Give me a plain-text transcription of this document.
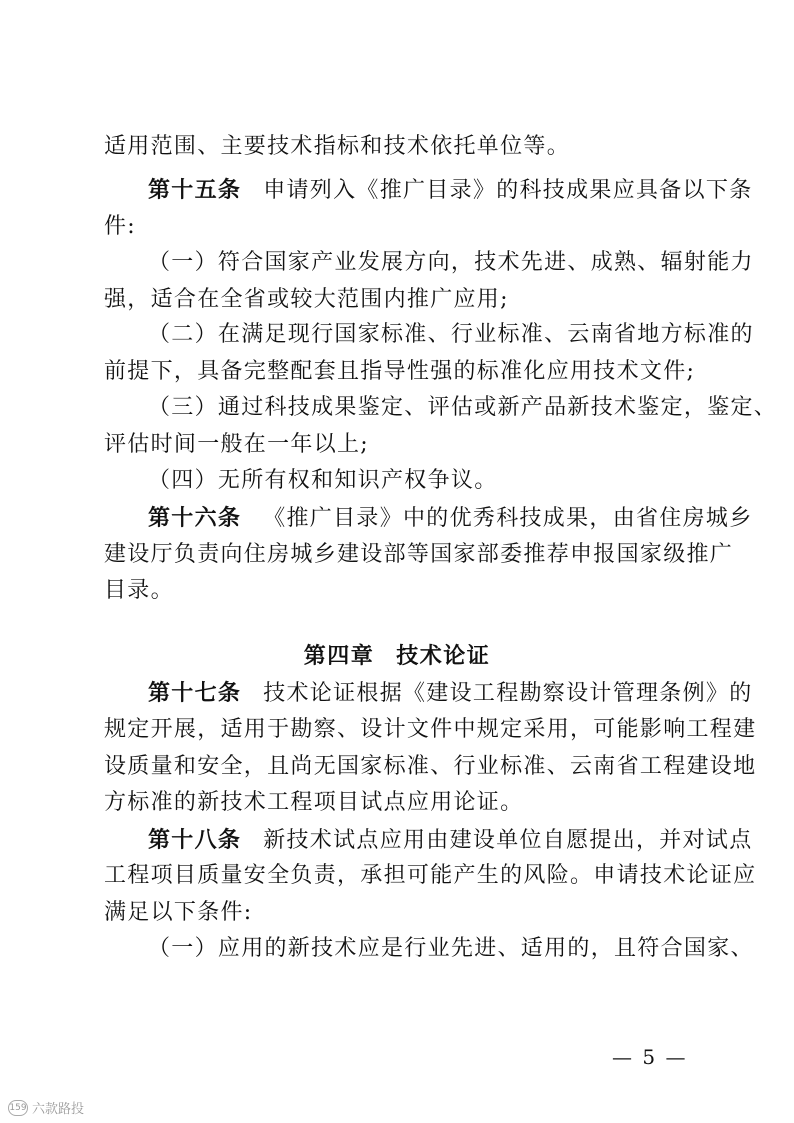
适用范围、主要技术指标和技术依托单位等。
第十五条 申请列入《推广目录》的科技成果应具备以下条
件:
（一）符合国家产业发展方向，技术先进、成熟、辐射能力
强，适合在全省或较大范围内推广应用;
（二）在满足现行国家标准、行业标准、云南省地方标准的
前提下，具备完整配套且指导性强的标准化应用技术文件;
（三）通过科技成果鉴定、评估或新产品新技术鉴定，鉴定、
评估时间一般在一年以上;
（四）无所有权和知识产权争议。
第十六条 《推广目录》中的优秀科技成果，由省住房城乡
建设厅负责向住房城乡建设部等国家部委推荐申报国家级推广
目录。
第四章 技术论证
第十七条 技术论证根据《建设工程勘察设计管理条例》的
规定开展，适用于勘察、设计文件中规定采用，可能影响工程建
设质量和安全，且尚无国家标准、行业标准、云南省工程建设地
方标准的新技术工程项目试点应用论证。
第十八条 新技术试点应用由建设单位自愿提出，并对试点
工程项目质量安全负责，承担可能产生的风险。申请技术论证应
满足以下条件:
（一）应用的新技术应是行业先进、适用的，且符合国家、
— 5 —
159 六款路投
